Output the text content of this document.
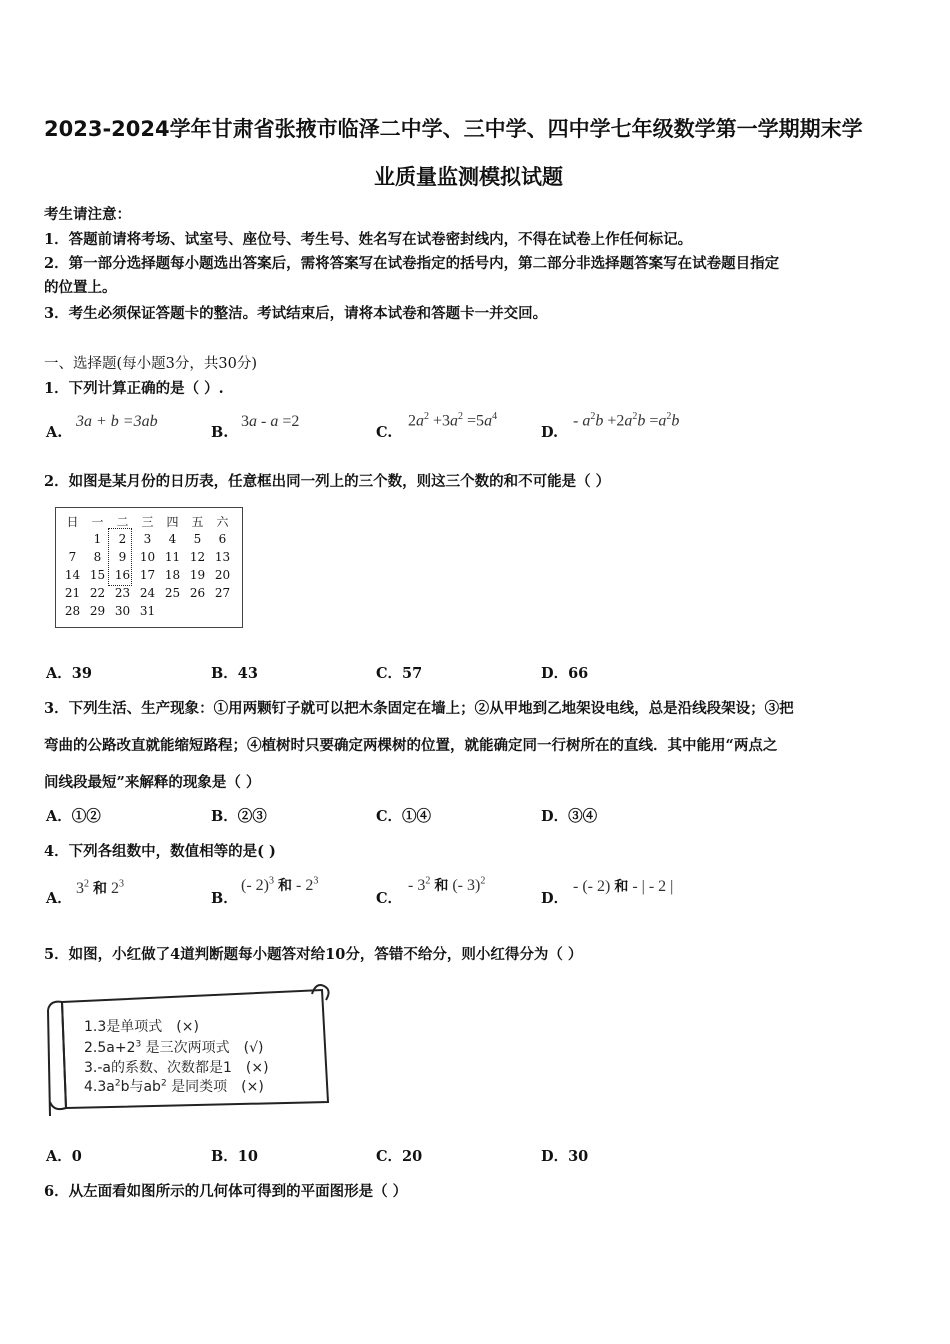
2023-2024学年甘肃省张掖市临泽二中学、三中学、四中学七年级数学第一学期期末学
业质量监测模拟试题
考生请注意：
1．答题前请将考场、试室号、座位号、考生号、姓名写在试卷密封线内，不得在试卷上作任何标记。
2．第一部分选择题每小题选出答案后，需将答案写在试卷指定的括号内，第二部分非选择题答案写在试卷题目指定
的位置上。
3．考生必须保证答题卡的整洁。考试结束后，请将本试卷和答题卡一并交回。
一、选择题(每小题3分，共30分)
1．下列计算正确的是（ ）.
A.
3a + b =3ab
B.
3a - a =2
C.
$2a^2 +3a^2 =5a^4$
D.
- $a^2b +2a^2b =a^2b$
2．如图是某月份的日历表，任意框出同一列上的三个数，则这三个数的和不可能是（ ）
日	一	二	三	四	五	六
	1	2	3	4	5	6
7	8	9	10	11	12	13
14	15	16	17	18	19	20
21	22	23	24	25	26	27
28	29	30	31			
A．39	B．43	C．57	D．66
3．下列生活、生产现象：①用两颗钉子就可以把木条固定在墙上；②从甲地到乙地架设电线，总是沿线段架设；③把
弯曲的公路改直就能缩短路程；④植树时只要确定两棵树的位置，就能确定同一行树所在的直线．其中能用“两点之
间线段最短”来解释的现象是（ ）
A．①②	B．②③	C．①④	D．③④
4．下列各组数中，数值相等的是( )
A．
$3^2$ 和 $2^3$
B．
(- 2)$^3$ 和 - $2^3$
C．
- $3^2$ 和 (- 3)$^2$
D．
- (- 2) 和 - | - 2 |
5．如图，小红做了4道判断题每小题答对给10分，答错不给分，则小红得分为（ ）
1.3是单项式　(×)
$2.5a+2^3$ 是三次两项式　(√)
3.-a的系数、次数都是1　(×)
$4.3a^2b$与$ab^2$ 是同类项　(×)
A．0	B．10	C．20	D．30
6．从左面看如图所示的几何体可得到的平面图形是（ ）
